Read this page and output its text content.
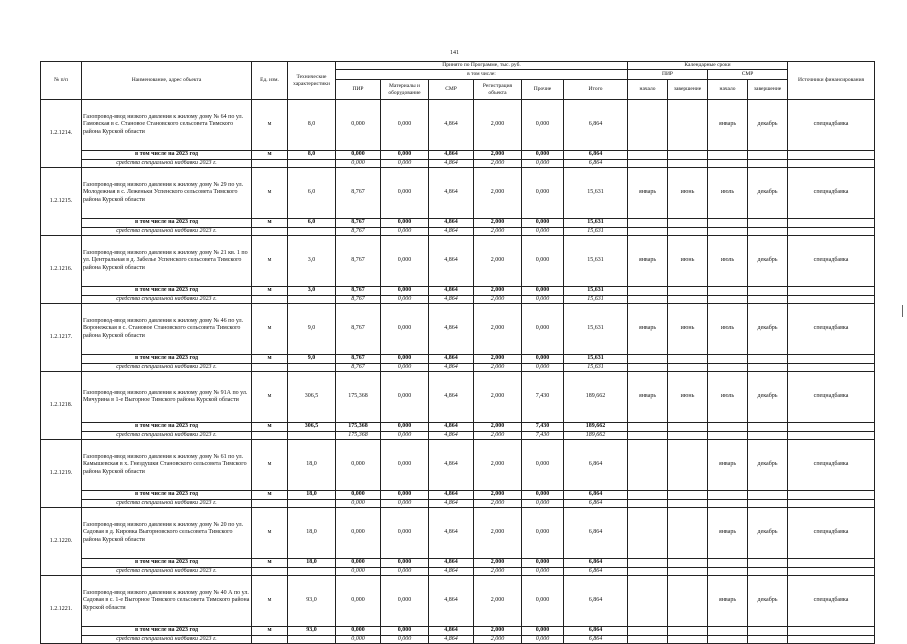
141
№ п/п	Наименование, адрес объекта	Ед. изм.	Технические характеристики	Принято по Программе, тыс. руб.						Календарные сроки				Источники финансирования
				в том числе:						ПИР		СМР		
				ПИР	Материалы и оборудование	СМР	Регистрация объекта	Прочие	Итого	начало	завершение	начало	завершение	
1.2.1214.	Газопровод-ввод низкого давления к жилому дому № 64 по ул. Гамовская в с. Становое Становского сельсовета Тимского района Курской области	м	8,0	0,000	0,000	4,864	2,000	0,000	6,864			январь	декабрь	спецнадбавка
	в том числе на 2023 год	м	8,0	0,000	0,000	4,864	2,000	0,000	6,864					
	средства специальной надбавки 2023 г.			0,000	0,000	4,864	2,000	0,000	6,864					
1.2.1215.	Газопровод-ввод низкого давления к жилому дому № 29 по ул. Молодежная в с. Леженьки Успенского сельсовета Тимского района Курской области	м	6,0	8,767	0,000	4,864	2,000	0,000	15,631	январь	июнь	июль	декабрь	спецнадбавка
	в том числе на 2023 год	м	6,0	8,767	0,000	4,864	2,000	0,000	15,631					
	средства специальной надбавки 2023 г.			8,767	0,000	4,864	2,000	0,000	15,631					
1.2.1216.	Газопровод-ввод низкого давления к жилому дому № 21 кв. 1 по ул. Центральная в д. Забелье Успенского сельсовета Тимского района Курской области	м	3,0	8,767	0,000	4,864	2,000	0,000	15,631	январь	июнь	июль	декабрь	спецнадбавка
	в том числе на 2023 год	м	3,0	8,767	0,000	4,864	2,000	0,000	15,631					
	средства специальной надбавки 2023 г.			8,767	0,000	4,864	2,000	0,000	15,631					
1.2.1217.	Газопровод-ввод низкого давления к жилому дому № 46 по ул. Воронежская в с. Становое Становского сельсовета Тимского района Курской области	м	9,0	8,767	0,000	4,864	2,000	0,000	15,631	январь	июнь	июль	декабрь	спецнадбавка
	в том числе на 2023 год	м	9,0	8,767	0,000	4,864	2,000	0,000	15,631					
	средства специальной надбавки 2023 г.			8,767	0,000	4,864	2,000	0,000	15,631					
1.2.1218.	Газопровод-ввод низкого давления к жилому дому № 91А по ул. Мичурина в 1-е Выгорное Тимского района Курской области	м	306,5	175,368	0,000	4,864	2,000	7,430	189,662	январь	июнь	июль	декабрь	спецнадбавка
	в том числе на 2023 год	м	306,5	175,368	0,000	4,864	2,000	7,430	189,662					
	средства специальной надбавки 2023 г.			175,368	0,000	4,864	2,000	7,430	189,662					
1.2.1219.	Газопровод-ввод низкого давления к жилому дому № 61 по ул. Камышевская в х. Гнездушки Становского сельсовета Тимского района Курской области	м	18,0	0,000	0,000	4,864	2,000	0,000	6,864			январь	декабрь	спецнадбавка
	в том числе на 2023 год	м	18,0	0,000	0,000	4,864	2,000	0,000	6,864					
	средства специальной надбавки 2023 г.			0,000	0,000	4,864	2,000	0,000	6,864					
1.2.1220.	Газопровод-ввод низкого давления к жилому дому № 20 по ул. Садовая в д. Кировка Выгорновского сельсовета Тимского района Курской области	м	18,0	0,000	0,000	4,864	2,000	0,000	6,864			январь	декабрь	спецнадбавка
	в том числе на 2023 год	м	18,0	0,000	0,000	4,864	2,000	0,000	6,864					
	средства специальной надбавки 2023 г.			0,000	0,000	4,864	2,000	0,000	6,864					
1.2.1221.	Газопровод-ввод низкого давления к жилому дому № 40 А по ул. Садовая в с. 1-е Выгорное Тимского сельсовета Тимского района Курской области	м	93,0	0,000	0,000	4,864	2,000	0,000	6,864			январь	декабрь	спецнадбавка
	в том числе на 2023 год	м	93,0	0,000	0,000	4,864	2,000	0,000	6,864					
	средства специальной надбавки 2023 г.			0,000	0,000	4,864	2,000	0,000	6,864					
